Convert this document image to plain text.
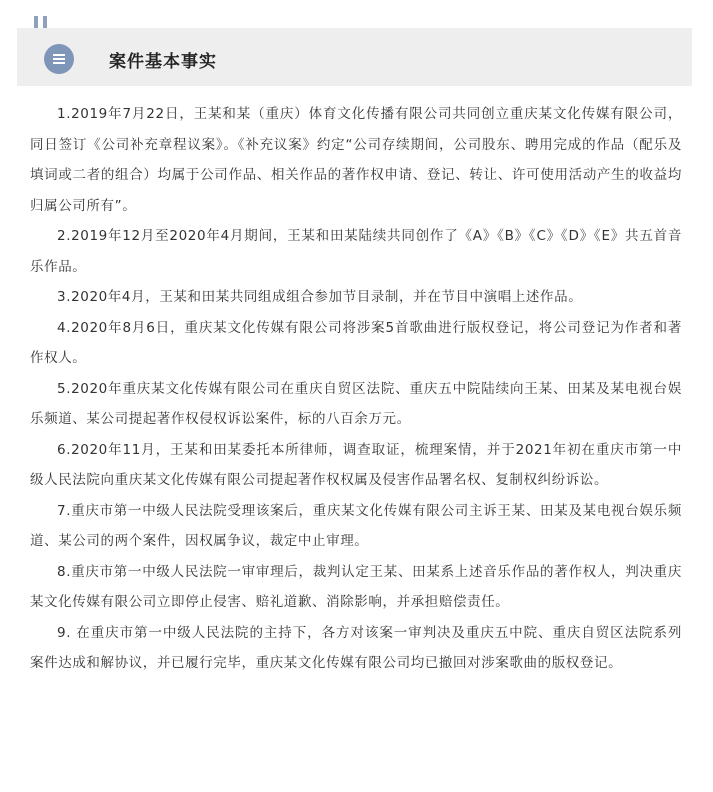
案件基本事实

1.2019年7月22日，王某和某（重庆）体育文化传播有限公司共同创立重庆某文化传媒有限公司，同日签订《公司补充章程议案》。《补充议案》约定“公司存续期间，公司股东、聘用完成的作品（配乐及填词或二者的组合）均属于公司作品、相关作品的著作权申请、登记、转让、许可使用活动产生的收益均归属公司所有”。

2.2019年12月至2020年4月期间，王某和田某陆续共同创作了《A》《B》《C》《D》《E》共五首音乐作品。

3.2020年4月，王某和田某共同组成组合参加节目录制，并在节目中演唱上述作品。

4.2020年8月6日，重庆某文化传媒有限公司将涉案5首歌曲进行版权登记，将公司登记为作者和著作权人。

5.2020年重庆某文化传媒有限公司在重庆自贸区法院、重庆五中院陆续向王某、田某及某电视台娱乐频道、某公司提起著作权侵权诉讼案件，标的八百余万元。

6.2020年11月，王某和田某委托本所律师，调查取证，梳理案情，并于2021年初在重庆市第一中级人民法院向重庆某文化传媒有限公司提起著作权权属及侵害作品署名权、复制权纠纷诉讼。

7.重庆市第一中级人民法院受理该案后，重庆某文化传媒有限公司主诉王某、田某及某电视台娱乐频道、某公司的两个案件，因权属争议，裁定中止审理。

8.重庆市第一中级人民法院一审审理后，裁判认定王某、田某系上述音乐作品的著作权人，判决重庆某文化传媒有限公司立即停止侵害、赔礼道歉、消除影响，并承担赔偿责任。

9. 在重庆市第一中级人民法院的主持下，各方对该案一审判决及重庆五中院、重庆自贸区法院系列案件达成和解协议，并已履行完毕，重庆某文化传媒有限公司均已撤回对涉案歌曲的版权登记。
